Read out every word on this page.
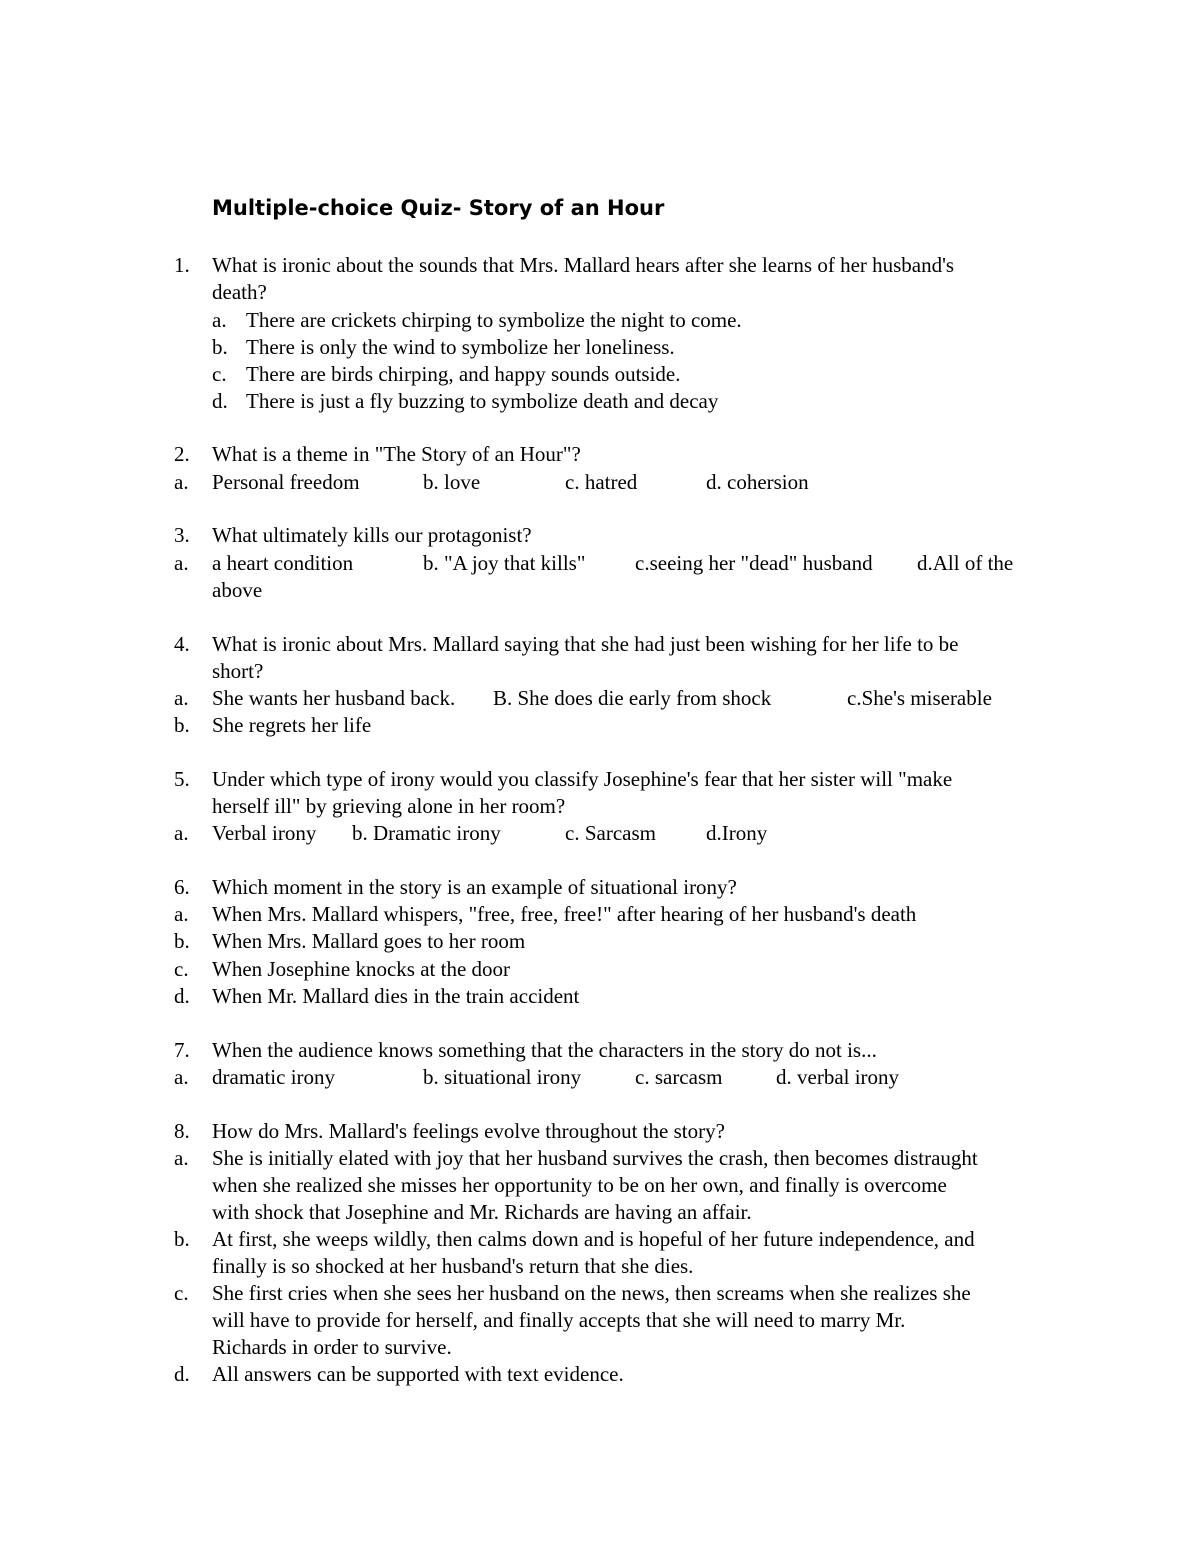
Multiple-choice Quiz- Story of an Hour
1. What is ironic about the sounds that Mrs. Mallard hears after she learns of her husband's
death?
a. There are crickets chirping to symbolize the night to come.
b. There is only the wind to symbolize her loneliness.
c. There are birds chirping, and happy sounds outside.
d. There is just a fly buzzing to symbolize death and decay
2. What is a theme in "The Story of an Hour"?
a. Personal freedom	b. love	c. hatred	d. cohersion
3. What ultimately kills our protagonist?
a. a heart condition	b. "A joy that kills" c.seeing her "dead" husband d.All of the
above
4. What is ironic about Mrs. Mallard saying that she had just been wishing for her life to be
short?
a. She wants her husband back. B. She does die early from shock	c.She's miserable
b. She regrets her life
5. Under which type of irony would you classify Josephine's fear that her sister will "make
herself ill" by grieving alone in her room?
a. Verbal irony b. Dramatic irony	c. Sarcasm d.Irony
6. Which moment in the story is an example of situational irony?
a. When Mrs. Mallard whispers, "free, free, free!" after hearing of her husband's death
b. When Mrs. Mallard goes to her room
c. When Josephine knocks at the door
d. When Mr. Mallard dies in the train accident
7. When the audience knows something that the characters in the story do not is...
a. dramatic irony	b. situational irony	c. sarcasm	d. verbal irony
8. How do Mrs. Mallard's feelings evolve throughout the story?
a. She is initially elated with joy that her husband survives the crash, then becomes distraught
when she realized she misses her opportunity to be on her own, and finally is overcome
with shock that Josephine and Mr. Richards are having an affair.
b. At first, she weeps wildly, then calms down and is hopeful of her future independence, and
finally is so shocked at her husband's return that she dies.
c. She first cries when she sees her husband on the news, then screams when she realizes she
will have to provide for herself, and finally accepts that she will need to marry Mr.
Richards in order to survive.
d. All answers can be supported with text evidence.
